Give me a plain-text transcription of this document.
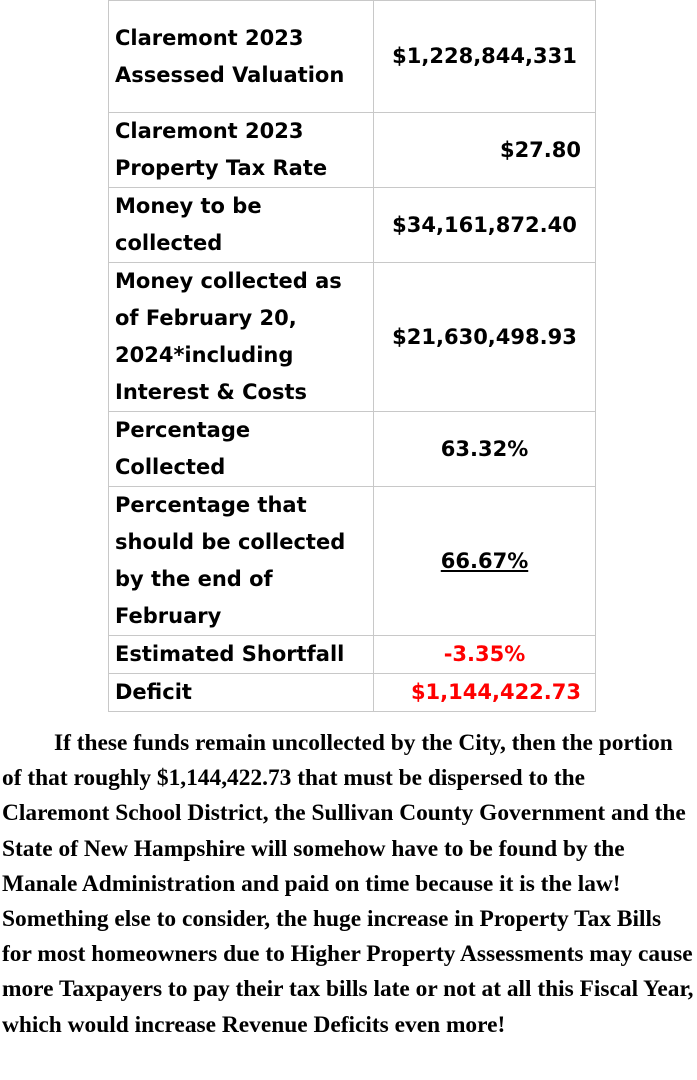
Claremont 2023 Assessed Valuation	$1,228,844,331
Claremont 2023 Property Tax Rate	$27.80
Money to be collected	$34,161,872.40
Money collected as of February 20, 2024*including Interest & Costs	$21,630,498.93
Percentage Collected	63.32%
Percentage that should be collected by the end of February	66.67%
Estimated Shortfall	-3.35%
Deficit	$1,144,422.73

If these funds remain uncollected by the City, then the portion of that roughly $1,144,422.73 that must be dispersed to the Claremont School District, the Sullivan County Government and the State of New Hampshire will somehow have to be found by the Manale Administration and paid on time because it is the law! Something else to consider, the huge increase in Property Tax Bills for most homeowners due to Higher Property Assessments may cause more Taxpayers to pay their tax bills late or not at all this Fiscal Year, which would increase Revenue Deficits even more!
